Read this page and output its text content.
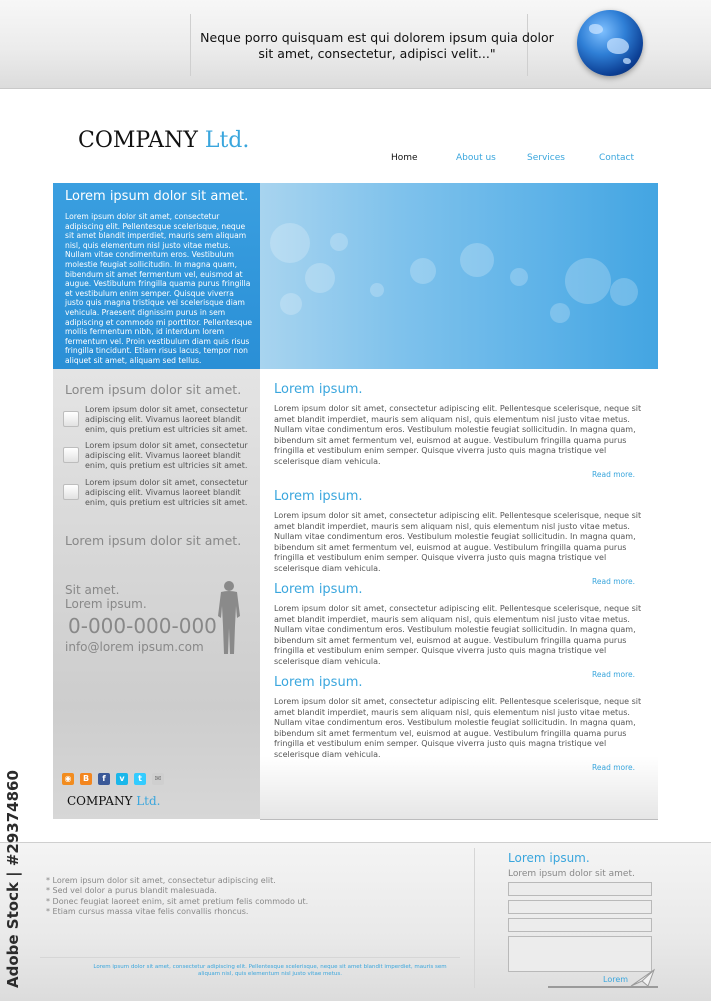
Neque porro quisquam est qui dolorem ipsum quia dolor sit amet, consectetur, adipisci velit..."
COMPANY Ltd.
Home	About us	Services	Contact
Lorem ipsum dolor sit amet.

Lorem ipsum dolor sit amet, consectetur adipiscing elit. Pellentesque scelerisque, neque sit amet blandit imperdiet, mauris sem aliquam nisl, quis elementum nisl justo vitae metus. Nullam vitae condimentum eros. Vestibulum molestie feugiat sollicitudin. In magna quam, bibendum sit amet fermentum vel, euismod at augue. Vestibulum fringilla quama purus fringilla et vestibulum enim semper. Quisque viverra justo quis magna tristique vel scelerisque diam vehicula. Praesent dignissim purus in sem adipiscing et commodo mi porttitor. Pellentesque mollis fermentum nibh, id interdum lorem fermentum vel. Proin vestibulum diam quis risus fringilla tincidunt. Etiam risus lacus, tempor non aliquet sit amet, aliquam sed tellus.

Lorem ipsum dolor sit amet.

Lorem ipsum dolor sit amet, consectetur adipiscing elit. Vivamus laoreet blandit enim, quis pretium est ultricies sit amet.

Lorem ipsum dolor sit amet, consectetur adipiscing elit. Vivamus laoreet blandit enim, quis pretium est ultricies sit amet.

Lorem ipsum dolor sit amet, consectetur adipiscing elit. Vivamus laoreet blandit enim, quis pretium est ultricies sit amet.

Lorem ipsum dolor sit amet.
Sit amet.
Lorem ipsum.
0-000-000-000
info@lorem ipsum.com
◉	B	f	v	t	✉
COMPANY Ltd.
Lorem ipsum.

Lorem ipsum dolor sit amet, consectetur adipiscing elit. Pellentesque scelerisque, neque sit amet blandit imperdiet, mauris sem aliquam nisl, quis elementum nisl justo vitae metus. Nullam vitae condimentum eros. Vestibulum molestie feugiat sollicitudin. In magna quam, bibendum sit amet fermentum vel, euismod at augue. Vestibulum fringilla quama purus fringilla et vestibulum enim semper. Quisque viverra justo quis magna tristique vel scelerisque diam vehicula.

Read more.
Lorem ipsum.

Lorem ipsum dolor sit amet, consectetur adipiscing elit. Pellentesque scelerisque, neque sit amet blandit imperdiet, mauris sem aliquam nisl, quis elementum nisl justo vitae metus. Nullam vitae condimentum eros. Vestibulum molestie feugiat sollicitudin. In magna quam, bibendum sit amet fermentum vel, euismod at augue. Vestibulum fringilla quama purus fringilla et vestibulum enim semper. Quisque viverra justo quis magna tristique vel scelerisque diam vehicula.

Read more.
Lorem ipsum.

Lorem ipsum dolor sit amet, consectetur adipiscing elit. Pellentesque scelerisque, neque sit amet blandit imperdiet, mauris sem aliquam nisl, quis elementum nisl justo vitae metus. Nullam vitae condimentum eros. Vestibulum molestie feugiat sollicitudin. In magna quam, bibendum sit amet fermentum vel, euismod at augue. Vestibulum fringilla quama purus fringilla et vestibulum enim semper. Quisque viverra justo quis magna tristique vel scelerisque diam vehicula.

Read more.
Lorem ipsum.

Lorem ipsum dolor sit amet, consectetur adipiscing elit. Pellentesque scelerisque, neque sit amet blandit imperdiet, mauris sem aliquam nisl, quis elementum nisl justo vitae metus. Nullam vitae condimentum eros. Vestibulum molestie feugiat sollicitudin. In magna quam, bibendum sit amet fermentum vel, euismod at augue. Vestibulum fringilla quama purus fringilla et vestibulum enim semper. Quisque viverra justo quis magna tristique vel scelerisque diam vehicula.

Read more.
* Lorem ipsum dolor sit amet, consectetur adipiscing elit.
* Sed vel dolor a purus blandit malesuada.
* Donec feugiat laoreet enim, sit amet pretium felis commodo ut.
* Etiam cursus massa vitae felis convallis rhoncus.
Lorem ipsum dolor sit amet, consectetur adipiscing elit. Pellentesque scelerisque, neque sit amet blandit imperdiet, mauris sem aliquam nisl, quis elementum nisl justo vitae metus.
Lorem ipsum.
Lorem ipsum dolor sit amet.
Lorem
Adobe Stock | #29374860
